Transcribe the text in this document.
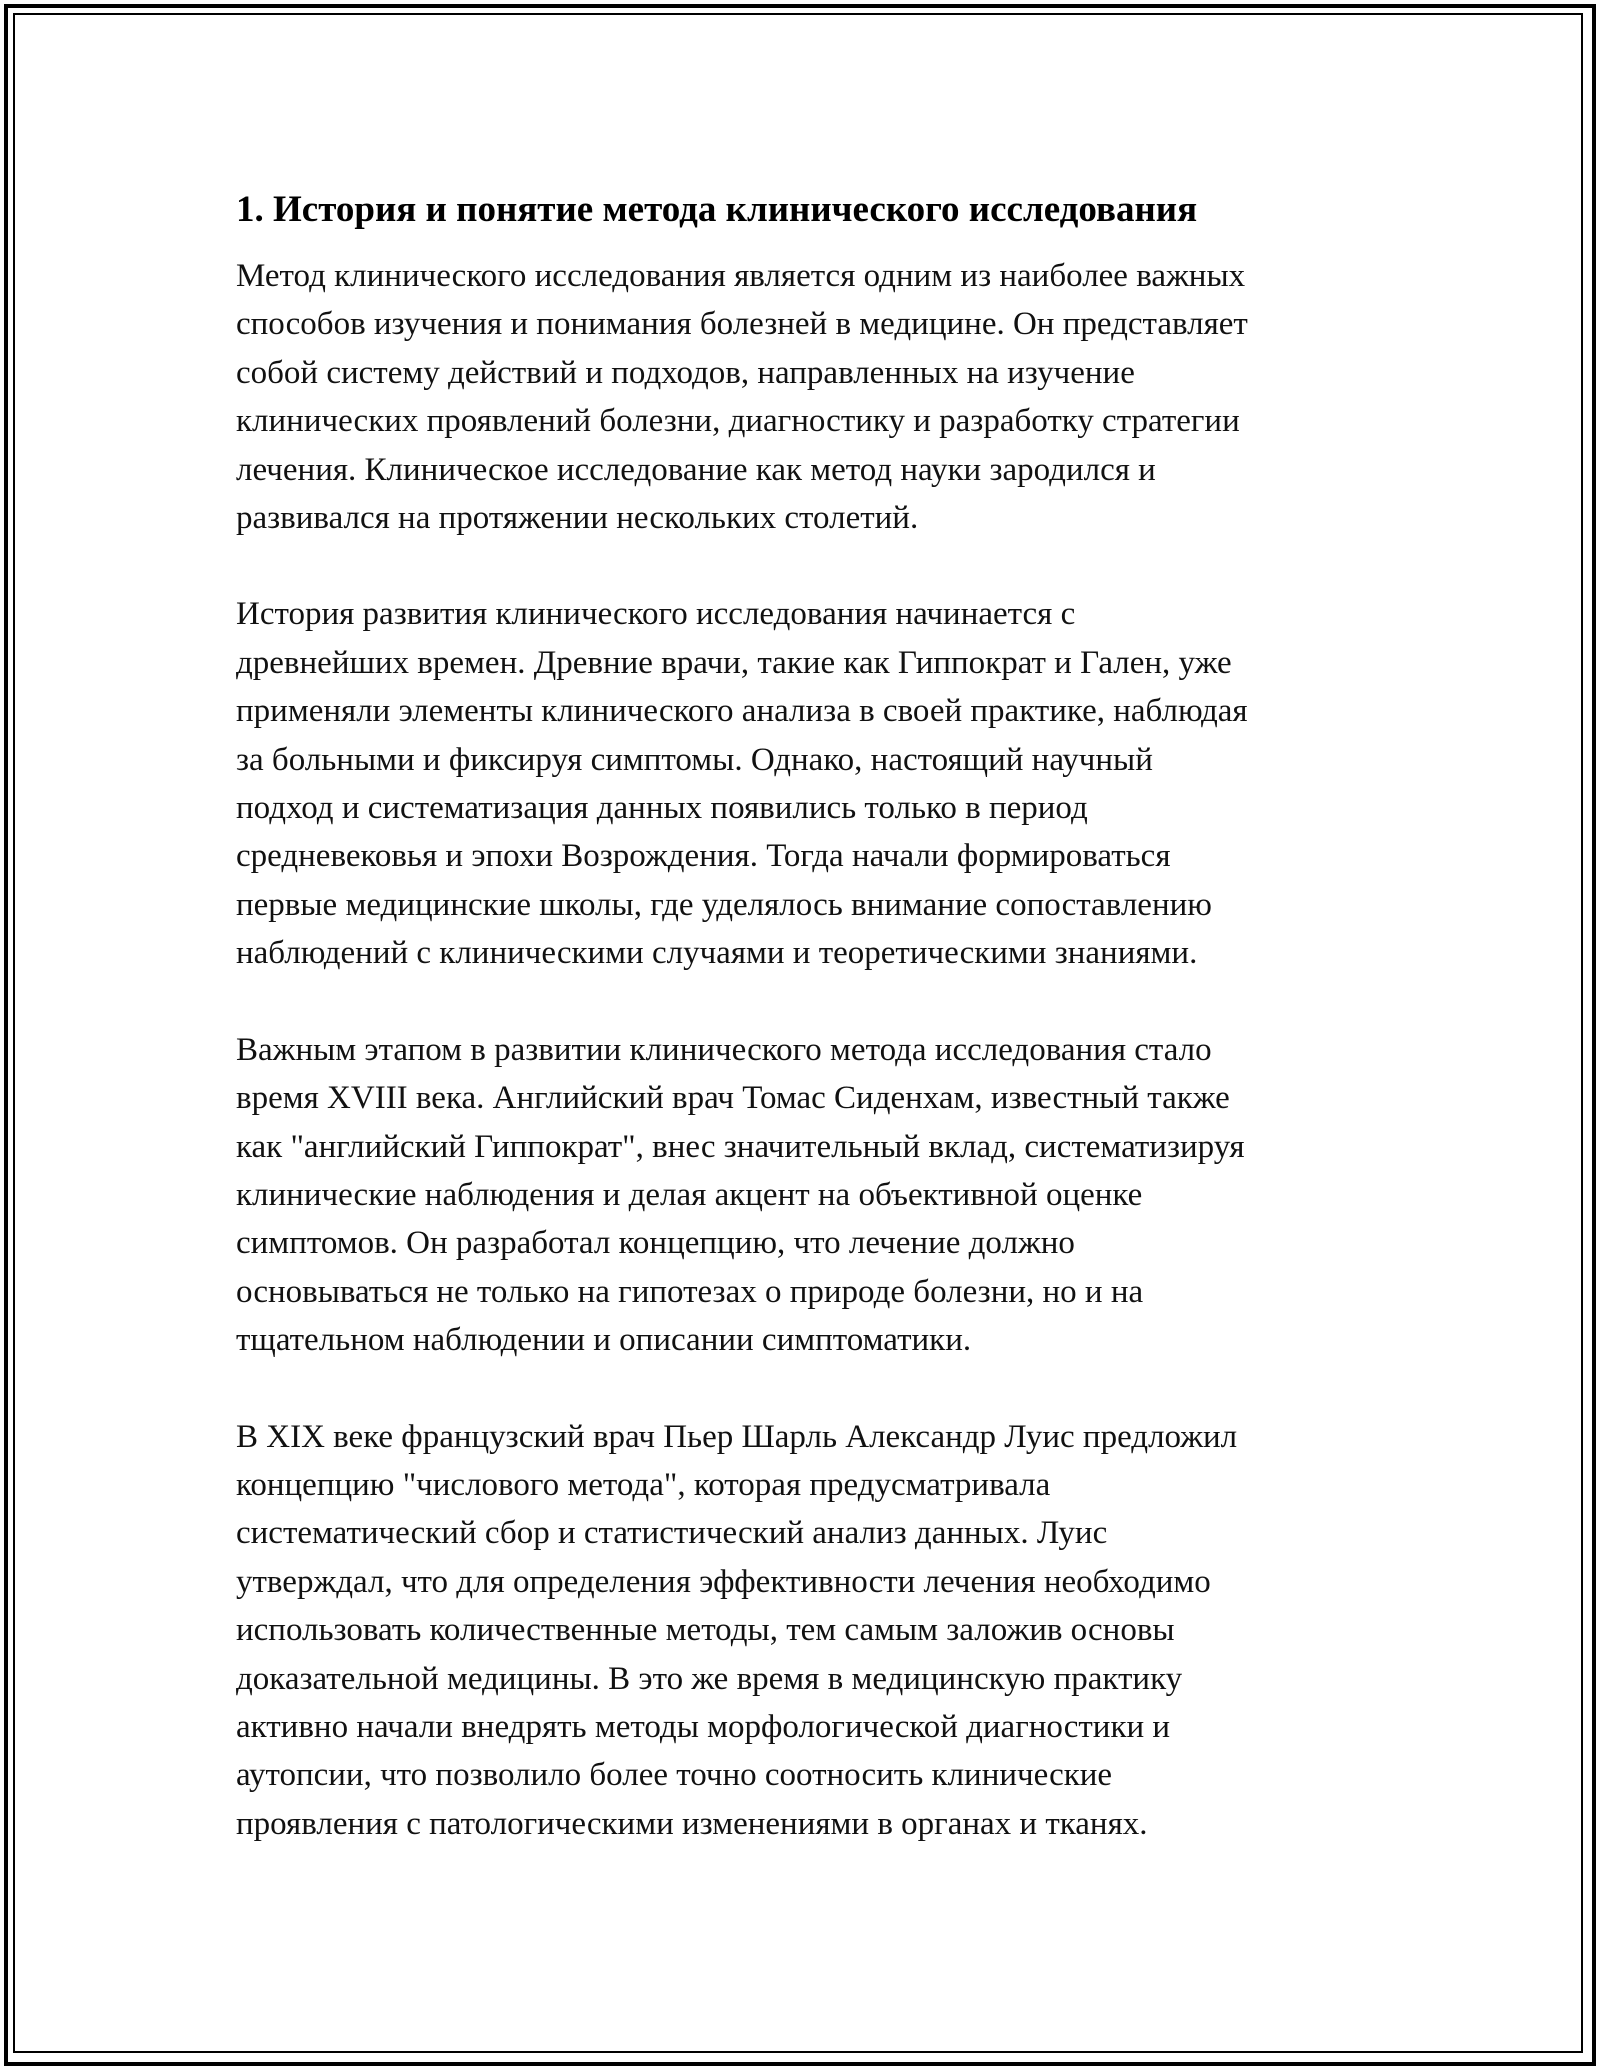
1. История и понятие метода клинического исследования

Метод клинического исследования является одним из наиболее важных
способов изучения и понимания болезней в медицине. Он представляет
собой систему действий и подходов, направленных на изучение
клинических проявлений болезни, диагностику и разработку стратегии
лечения. Клиническое исследование как метод науки зародился и
развивался на протяжении нескольких столетий.

История развития клинического исследования начинается с
древнейших времен. Древние врачи, такие как Гиппократ и Гален, уже
применяли элементы клинического анализа в своей практике, наблюдая
за больными и фиксируя симптомы. Однако, настоящий научный
подход и систематизация данных появились только в период
средневековья и эпохи Возрождения. Тогда начали формироваться
первые медицинские школы, где уделялось внимание сопоставлению
наблюдений с клиническими случаями и теоретическими знаниями.

Важным этапом в развитии клинического метода исследования стало
время XVIII века. Английский врач Томас Сиденхам, известный также
как "английский Гиппократ", внес значительный вклад, систематизируя
клинические наблюдения и делая акцент на объективной оценке
симптомов. Он разработал концепцию, что лечение должно
основываться не только на гипотезах о природе болезни, но и на
тщательном наблюдении и описании симптоматики.

В XIX веке французский врач Пьер Шарль Александр Луис предложил
концепцию "числового метода", которая предусматривала
систематический сбор и статистический анализ данных. Луис
утверждал, что для определения эффективности лечения необходимо
использовать количественные методы, тем самым заложив основы
доказательной медицины. В это же время в медицинскую практику
активно начали внедрять методы морфологической диагностики и
аутопсии, что позволило более точно соотносить клинические
проявления с патологическими изменениями в органах и тканях.
